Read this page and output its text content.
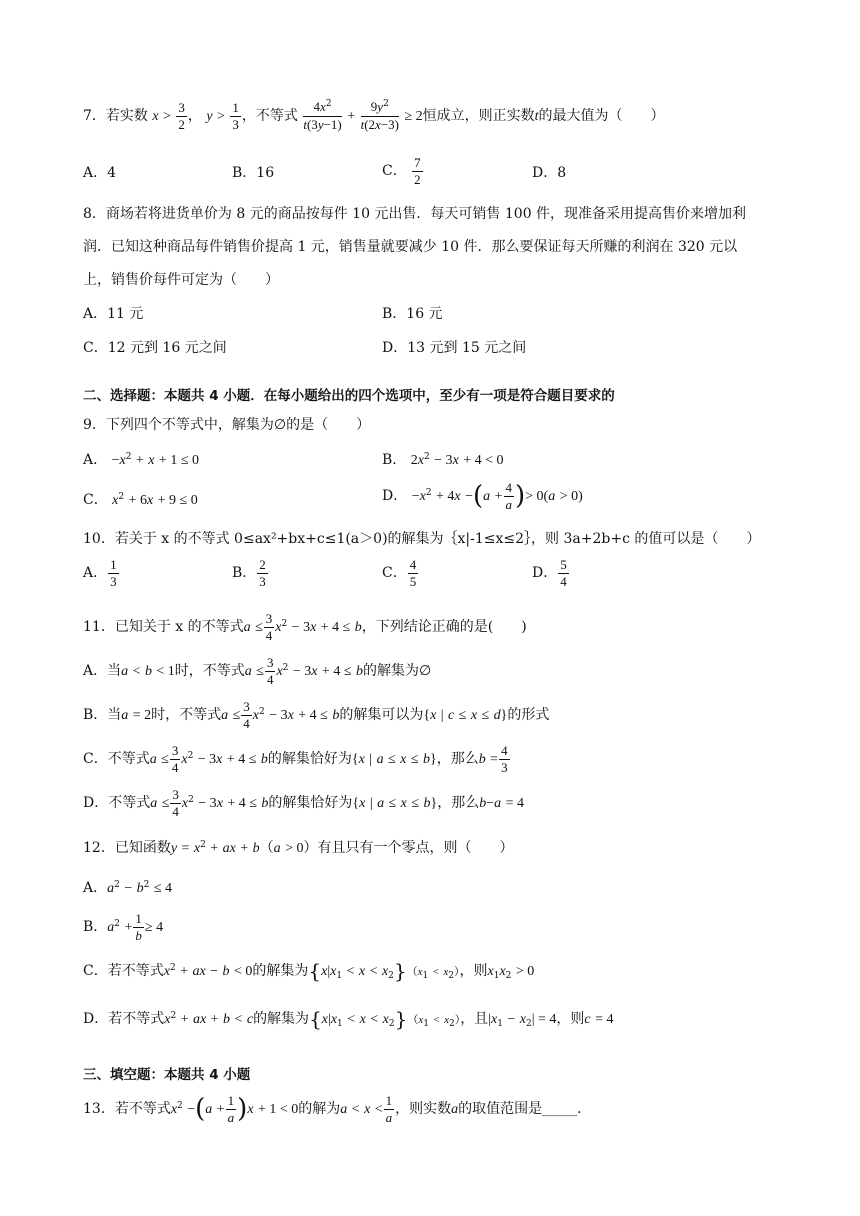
7．若实数 $x > \frac{3}{2}$ ， $y > \frac{1}{3}$ ，不等式 $\frac{4x^2}{t(3y-1)} + \frac{9y^2}{t(2x-3)} \ge 2$恒成立，则正实数t的最大值为（　　）
A．4	B．16	C． $\frac{7}{2}$	D．8
8．商场若将进货单价为 8 元的商品按每件 10 元出售．每天可销售 100 件，现准备采用提高售价来增加利
润．已知这种商品每件销售价提高 1 元，销售量就要减少 10 件．那么要保证每天所赚的利润在 320 元以
上，销售价每件可定为（　　）
A．11 元	B．16 元
C．12 元到 16 元之间	D．13 元到 15 元之间
二、选择题：本题共 4 小题．在每小题给出的四个选项中，至少有一项是符合题目要求的
9．下列四个不等式中，解集为∅的是（　　）
A． $-x^2 + x + 1 \le 0$	B． $2x^2 - 3x + 4 < 0$
C． $x^2 + 6x + 9 \le 0$	D． $-x^2 + 4x -(a + \frac{4}{a}$ )> 0(a > 0)
10．若关于 x 的不等式 0≤ax²+bx+c≤1(a＞0)的解集为｛x|-1≤x≤2｝，则 3a+2b+c 的值可以是（　　）
A． $\frac{1}{3}$	B． $\frac{2}{3}$	C． $\frac{4}{5}$	D． $\frac{5}{4}$
11．已知关于 x 的不等式$a \le \frac{3}{4} x^2 - 3x + 4 \le b$，下列结论正确的是(　　)
A．当a < b < 1时，不等式$a \le \frac{3}{4} x^2 - 3x + 4 \le b$的解集为∅
B．当a = 2时，不等式$a \le \frac{3}{4} x^2 - 3x + 4 \le b$的解集可以为{x | c ≤ x ≤ d}的形式
C．不等式$a \le \frac{3}{4} x^2 - 3x + 4 \le b$的解集恰好为{x | a ≤ x ≤ b}，那么$b = \frac{4}{3}$
D．不等式$a \le \frac{3}{4} x^2 - 3x + 4 \le b$的解集恰好为{x | a ≤ x ≤ b}，那么b−a = 4
12．已知函数$y = x^2$ + ax + b（a > 0）有且只有一个零点，则（　　）
A．$a^2 - b^2 \le 4$
B．$a^2 + \frac{1}{b} \ge 4$
C．若不等式$x^2$ + ax − b < 0的解集为$\{x|x_1 < x < x_2\}(x_1 < x_2)$，则$x_1x_2 > 0$
D．若不等式$x^2$ + ax + b < c的解集为$\{x|x_1 < x < x_2\}(x_1 < x_2)$，且$|x_1 - x_2| = 4$，则c = 4
三、填空题：本题共 4 小题
13．若不等式$x^2 -(a + \frac{1}{a} )x + 1 < 0$的解为$a < x < \frac{1}{a}$ ，则实数a的取值范围是_____．
